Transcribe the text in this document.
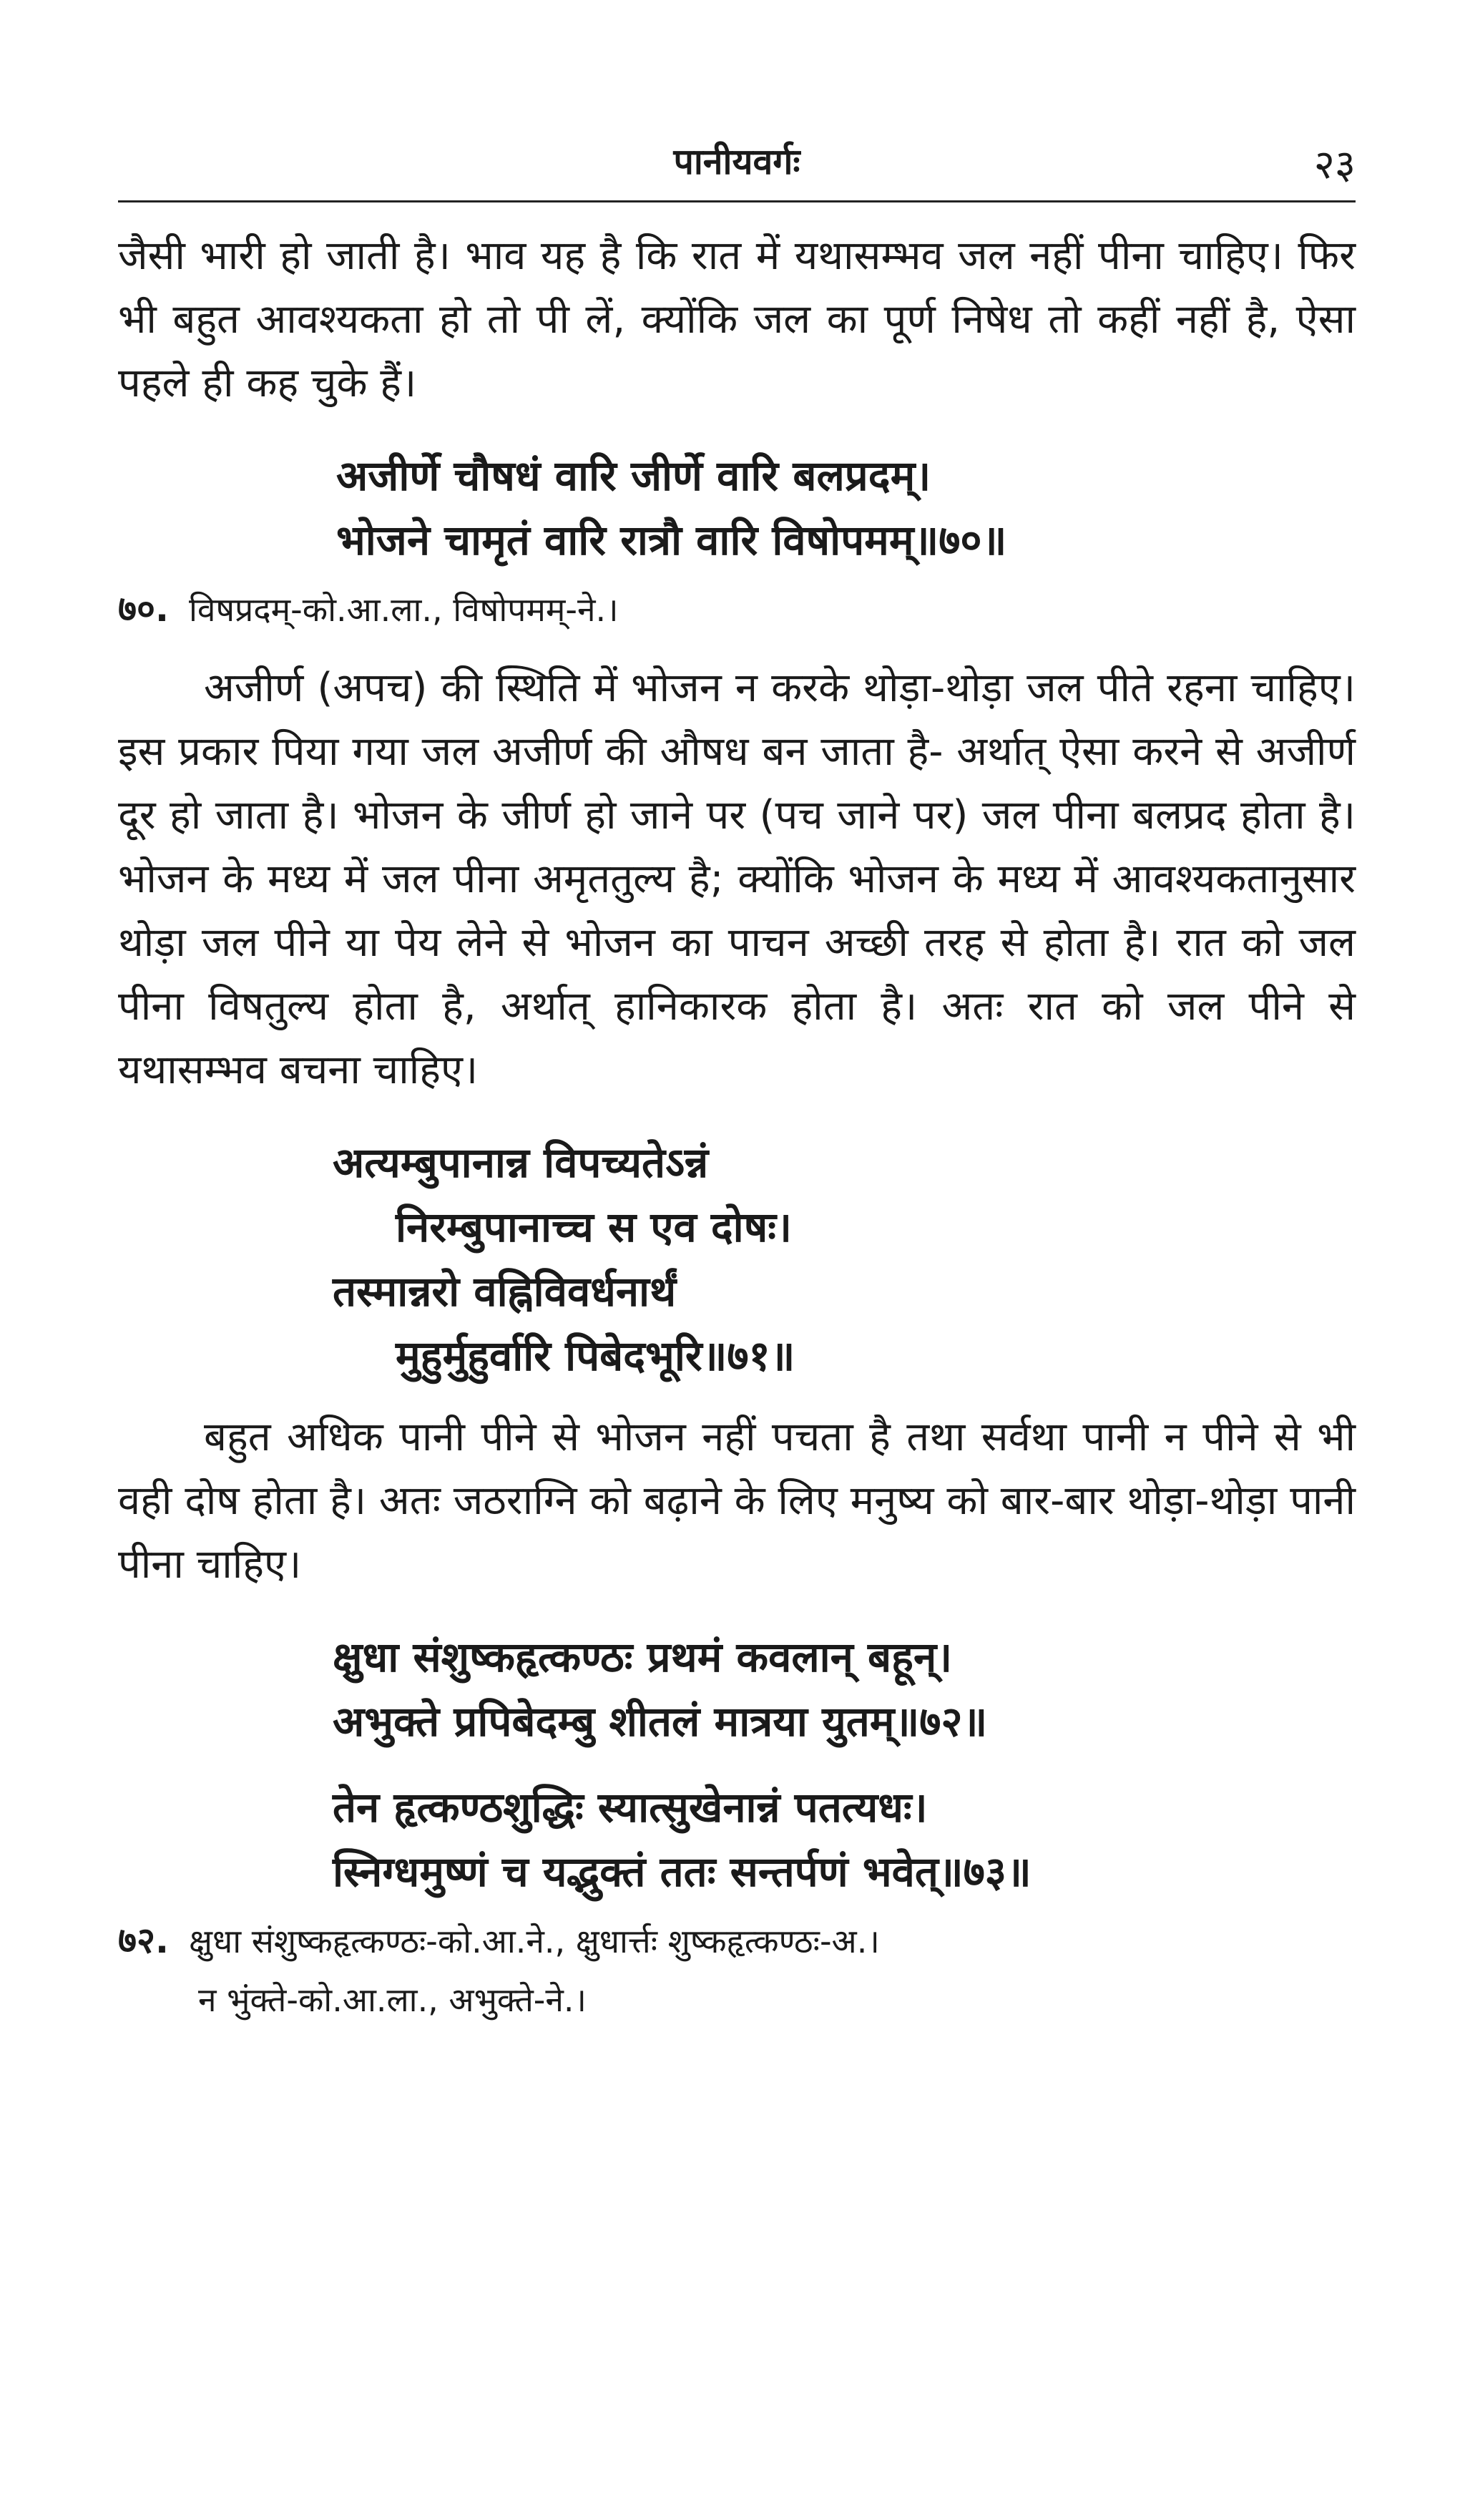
पानीयवर्गः	२३

जैसी भारी हो जाती है। भाव यह है कि रात में यथासम्भव जल नहीं पीना चाहिए। फिर भी बहुत आवश्यकता हो तो पी लें, क्योंकि जल का पूर्ण निषेध तो कहीं नहीं है, ऐसा पहले ही कह चुके हैं।

अजीर्णे चौषधं वारि जीर्णे वारि बलप्रदम्।
भोजने चामृतं वारि रात्रौ वारि विषोपमम्॥७०॥

७०. विषप्रदम्-को.आ.ला., विषोपमम्-ने.।

अजीर्ण (अपच) की स्थिति में भोजन न करके थोड़ा-थोड़ा जल पीते रहना चाहिए। इस प्रकार पिया गया जल अजीर्ण की औषध बन जाता है- अर्थात् ऐसा करने से अजीर्ण दूर हो जाता है। भोजन के जीर्ण हो जाने पर (पच जाने पर) जल पीना बलप्रद होता है। भोजन के मध्य में जल पीना अमृततुल्य है; क्योंकि भोजन के मध्य में आवश्यकतानुसार थोड़ा जल पीने या पेय लेने से भोजन का पाचन अच्छी तरह से होता है। रात को जल पीना विषतुल्य होता है, अर्थात् हानिकारक होता है। अतः रात को जल पीने से यथासम्भव बचना चाहिए।

अत्यम्बुपानान्न विपच्यतेऽन्नं
निरम्बुपानाच्च स एव दोषः।
तस्मान्नरो वह्निविवर्धनार्थं
मुहुर्मुहुर्वारि पिबेदभूरि॥७१॥

बहुत अधिक पानी पीने से भोजन नहीं पचता है तथा सर्वथा पानी न पीने से भी वही दोष होता है। अतः जठराग्नि को बढ़ाने के लिए मनुष्य को बार-बार थोड़ा-थोड़ा पानी पीना चाहिए।

क्षुधा संशुष्कहृत्कण्ठः प्रथमं कवलान् बहून्।
अभुक्ते प्रपिबेदम्बु शीतलं मात्रया युतम्॥७२॥
तेन हृत्कण्ठशुद्धिः स्यात्सुखेनान्नं पतत्यधः।
स्निग्धमुष्णं च यद्भुक्तं ततः सन्तर्पणं भवेत्॥७३॥

७२. क्षुधा संशुष्कहृत्कण्ठः-को.आ.ने., क्षुधार्त्तः शुष्कहृत्कण्ठः-अ.।
न भुंक्ते-को.आ.ला., अभुक्ते-ने.।
